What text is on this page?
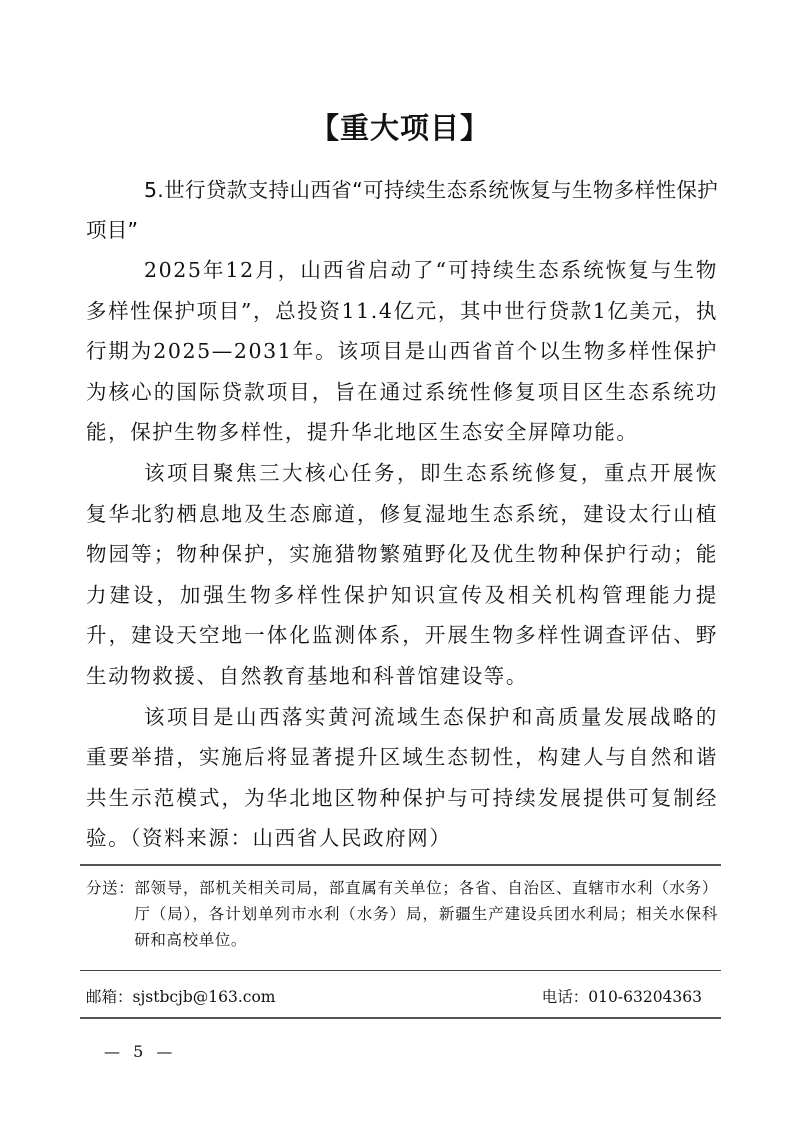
【重大项目】

5.世行贷款支持山西省“可持续生态系统恢复与生物多样性保护项目”

2025年12月，山西省启动了“可持续生态系统恢复与生物多样性保护项目”，总投资11.4亿元，其中世行贷款1亿美元，执行期为2025—2031年。该项目是山西省首个以生物多样性保护为核心的国际贷款项目，旨在通过系统性修复项目区生态系统功能，保护生物多样性，提升华北地区生态安全屏障功能。

该项目聚焦三大核心任务，即生态系统修复，重点开展恢复华北豹栖息地及生态廊道，修复湿地生态系统，建设太行山植物园等；物种保护，实施猎物繁殖野化及优生物种保护行动；能力建设，加强生物多样性保护知识宣传及相关机构管理能力提升，建设天空地一体化监测体系，开展生物多样性调查评估、野生动物救援、自然教育基地和科普馆建设等。

该项目是山西落实黄河流域生态保护和高质量发展战略的重要举措，实施后将显著提升区域生态韧性，构建人与自然和谐共生示范模式，为华北地区物种保护与可持续发展提供可复制经验。（资料来源：山西省人民政府网）

分送： 部领导，部机关相关司局，部直属有关单位；各省、自治区、直辖市水利（水务）厅（局），各计划单列市水利（水务）局，新疆生产建设兵团水利局；相关水保科研和高校单位。
邮箱：sjstbcjb@163.com	电话：010-63204363
— 5 —
